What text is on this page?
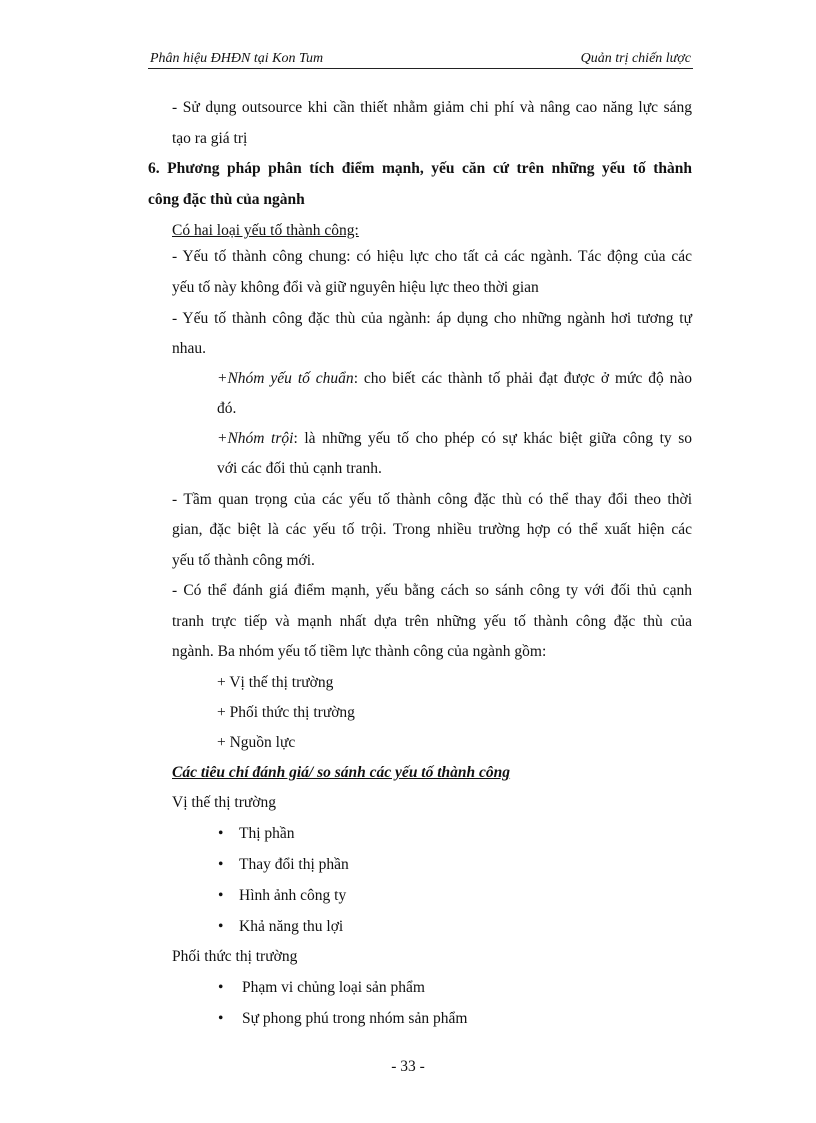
Phân hiệu ĐHĐN tại Kon Tum	Quản trị chiến lược
- Sử dụng outsource khi cần thiết nhằm giảm chi phí và nâng cao năng lực sáng
tạo ra giá trị
6. Phương pháp phân tích điểm mạnh, yếu căn cứ trên những yếu tố thành
công đặc thù của ngành
Có hai loại yếu tố thành công:
- Yếu tố thành công chung: có hiệu lực cho tất cả các ngành. Tác động của các
yếu tố này không đổi và giữ nguyên hiệu lực theo thời gian
- Yếu tố thành công đặc thù của ngành: áp dụng cho những ngành hơi tương tự
nhau.
+Nhóm yếu tố chuẩn: cho biết các thành tố phải đạt được ở mức độ nào
đó.
+Nhóm trội: là những yếu tố cho phép có sự khác biệt giữa công ty so
với các đối thủ cạnh tranh.
- Tầm quan trọng của các yếu tố thành công đặc thù có thể thay đổi theo thời
gian, đặc biệt là các yếu tố trội. Trong nhiều trường hợp có thể xuất hiện các
yếu tố thành công mới.
- Có thể đánh giá điểm mạnh, yếu bằng cách so sánh công ty với đối thủ cạnh
tranh trực tiếp và mạnh nhất dựa trên những yếu tố thành công đặc thù của
ngành. Ba nhóm yếu tố tiềm lực thành công của ngành gồm:
+ Vị thế thị trường
+ Phối thức thị trường
+ Nguồn lực
Các tiêu chí đánh giá/ so sánh các yếu tố thành công
Vị thế thị trường
• Thị phần
• Thay đổi thị phần
• Hình ảnh công ty
• Khả năng thu lợi
Phối thức thị trường
• Phạm vi chủng loại sản phẩm
• Sự phong phú trong nhóm sản phẩm
- 33 -
